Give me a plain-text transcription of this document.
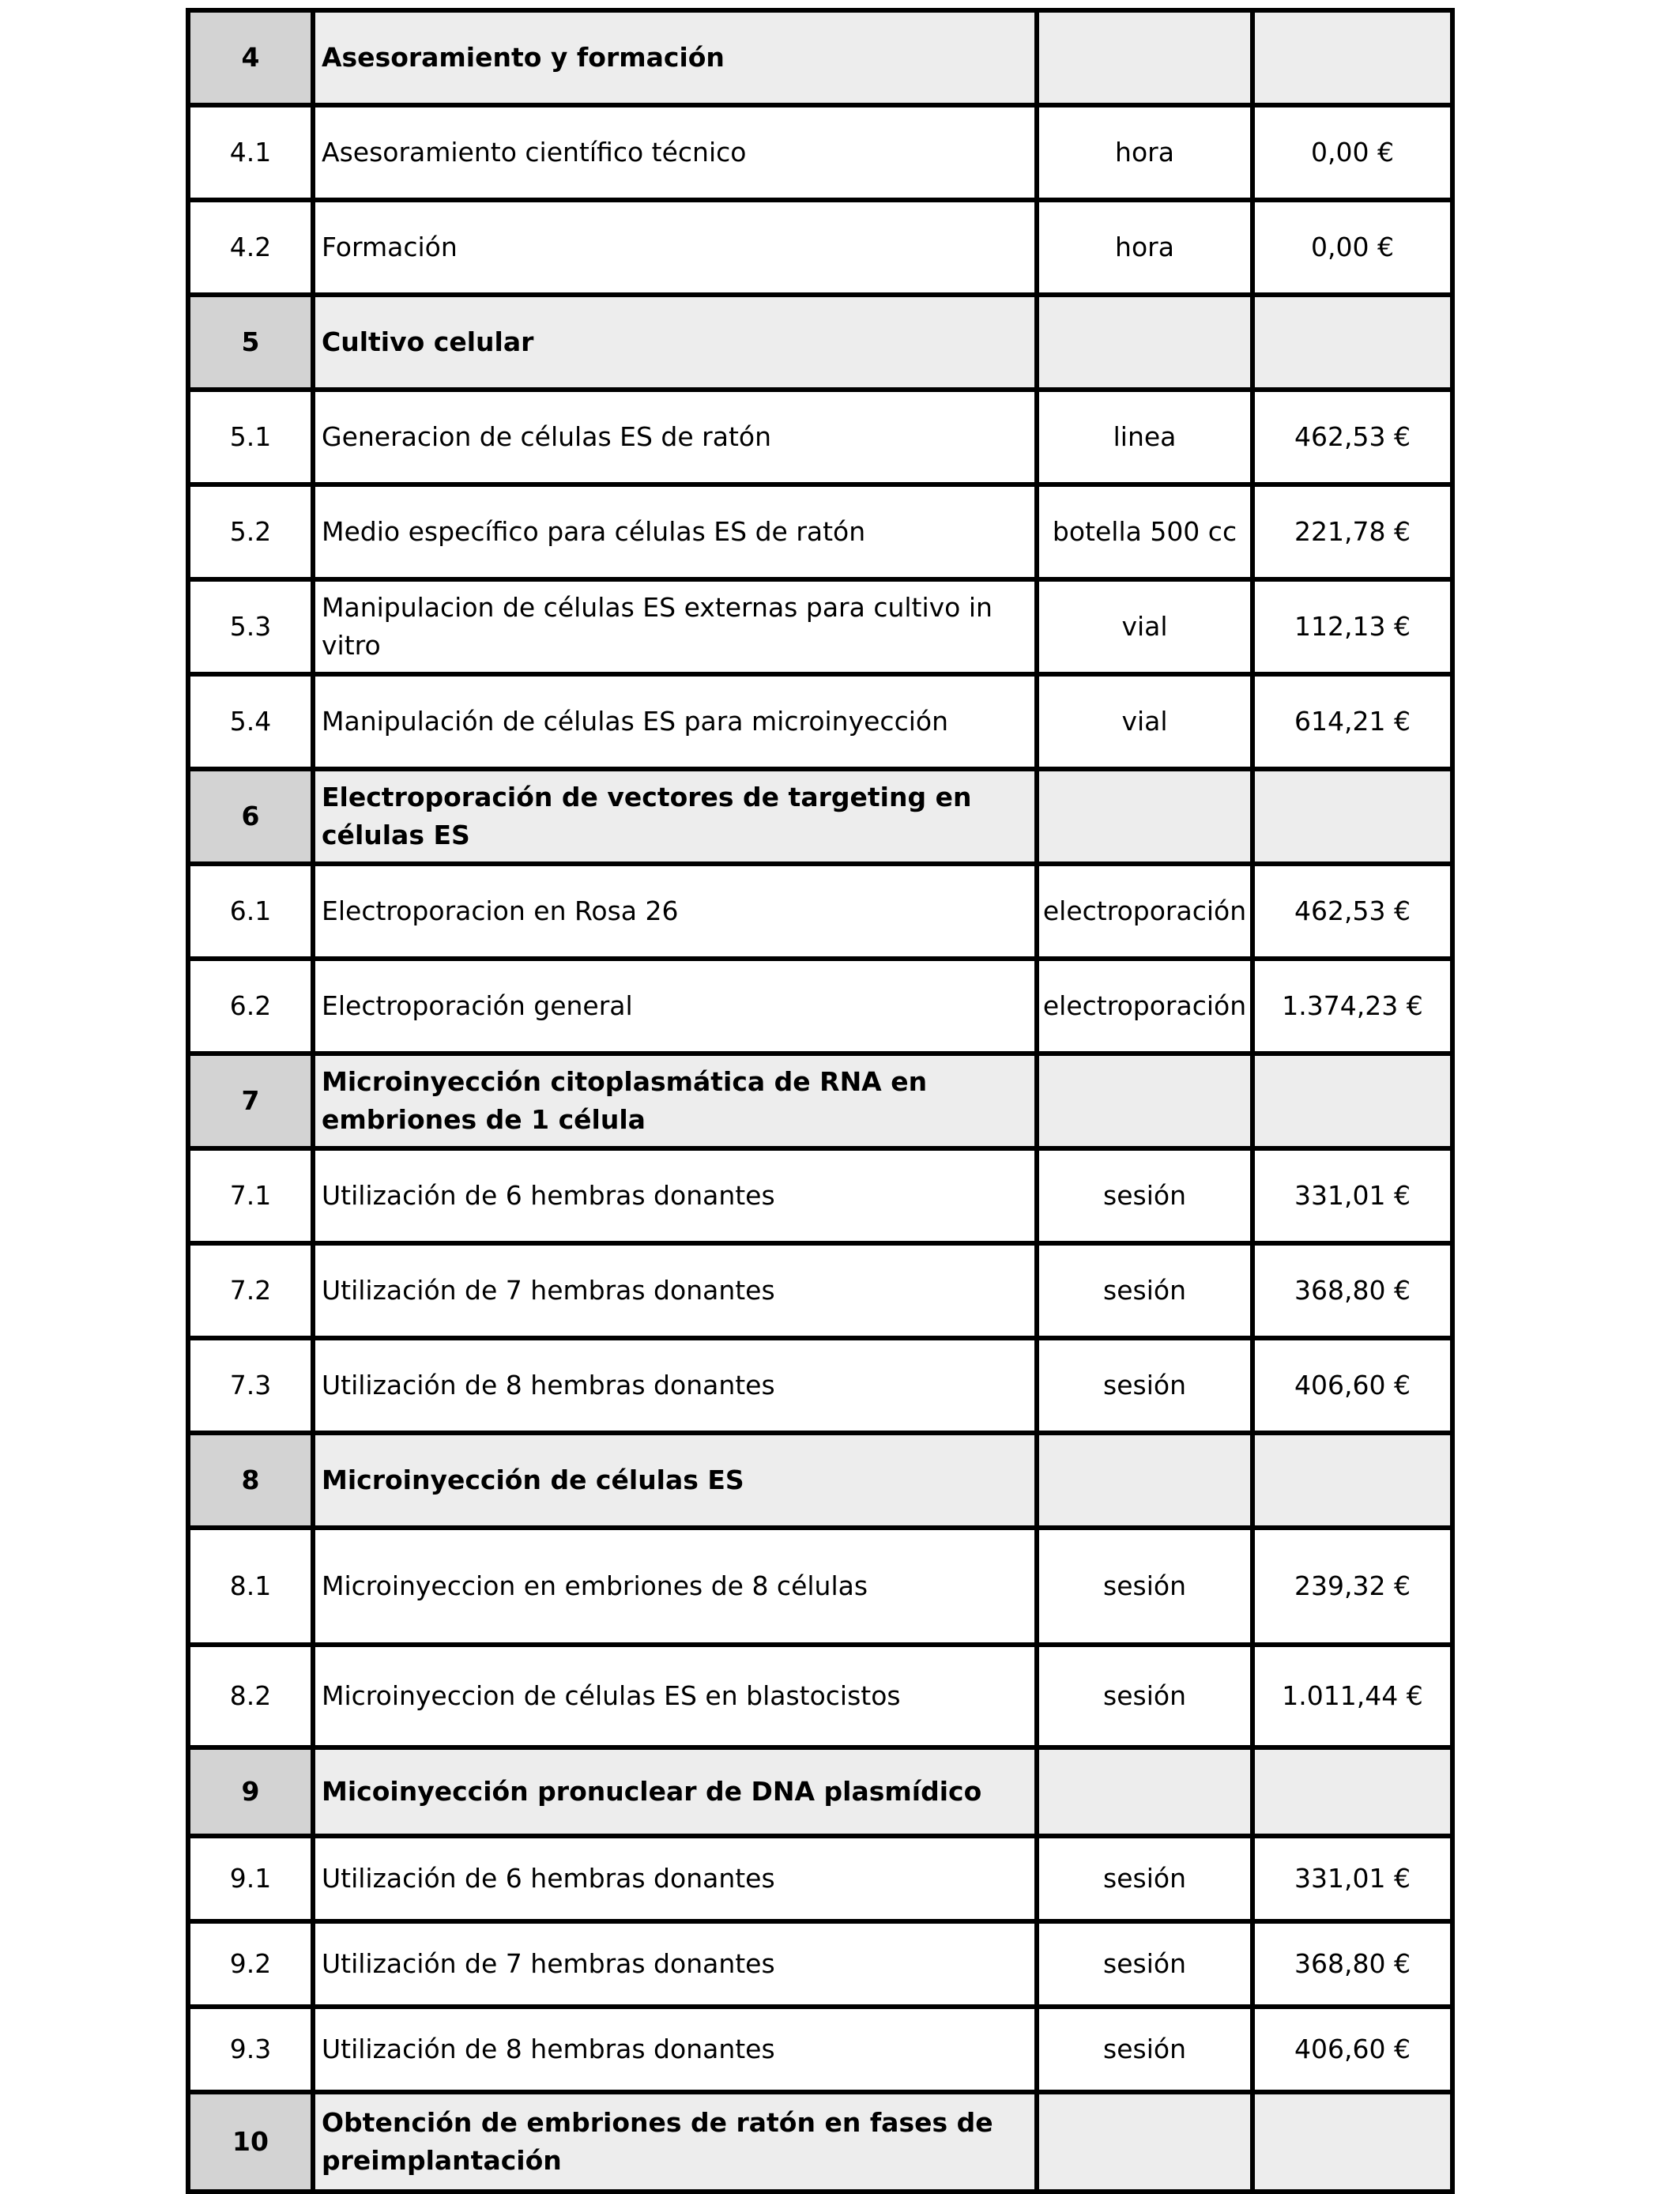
4	Asesoramiento y formación		
4.1	Asesoramiento científico técnico	hora	0,00 €
4.2	Formación	hora	0,00 €
5	Cultivo celular		
5.1	Generacion de células ES de ratón	linea	462,53 €
5.2	Medio específico para células ES de ratón	botella 500 cc	221,78 €
5.3	Manipulacion de células ES externas para cultivo in vitro	vial	112,13 €
5.4	Manipulación de células ES para microinyección	vial	614,21 €
6	Electroporación de vectores de targeting en células ES		
6.1	Electroporacion en Rosa 26	electroporación	462,53 €
6.2	Electroporación general	electroporación	1.374,23 €
7	Microinyección citoplasmática de RNA en embriones de 1 célula		
7.1	Utilización de 6 hembras donantes	sesión	331,01 €
7.2	Utilización de 7 hembras donantes	sesión	368,80 €
7.3	Utilización de 8 hembras donantes	sesión	406,60 €
8	Microinyección de células ES		
8.1	Microinyeccion en embriones de 8 células	sesión	239,32 €
8.2	Microinyeccion de células ES en blastocistos	sesión	1.011,44 €
9	Micoinyección pronuclear de DNA plasmídico		
9.1	Utilización de 6 hembras donantes	sesión	331,01 €
9.2	Utilización de 7 hembras donantes	sesión	368,80 €
9.3	Utilización de 8 hembras donantes	sesión	406,60 €
10	Obtención de embriones de ratón en fases de preimplantación		
